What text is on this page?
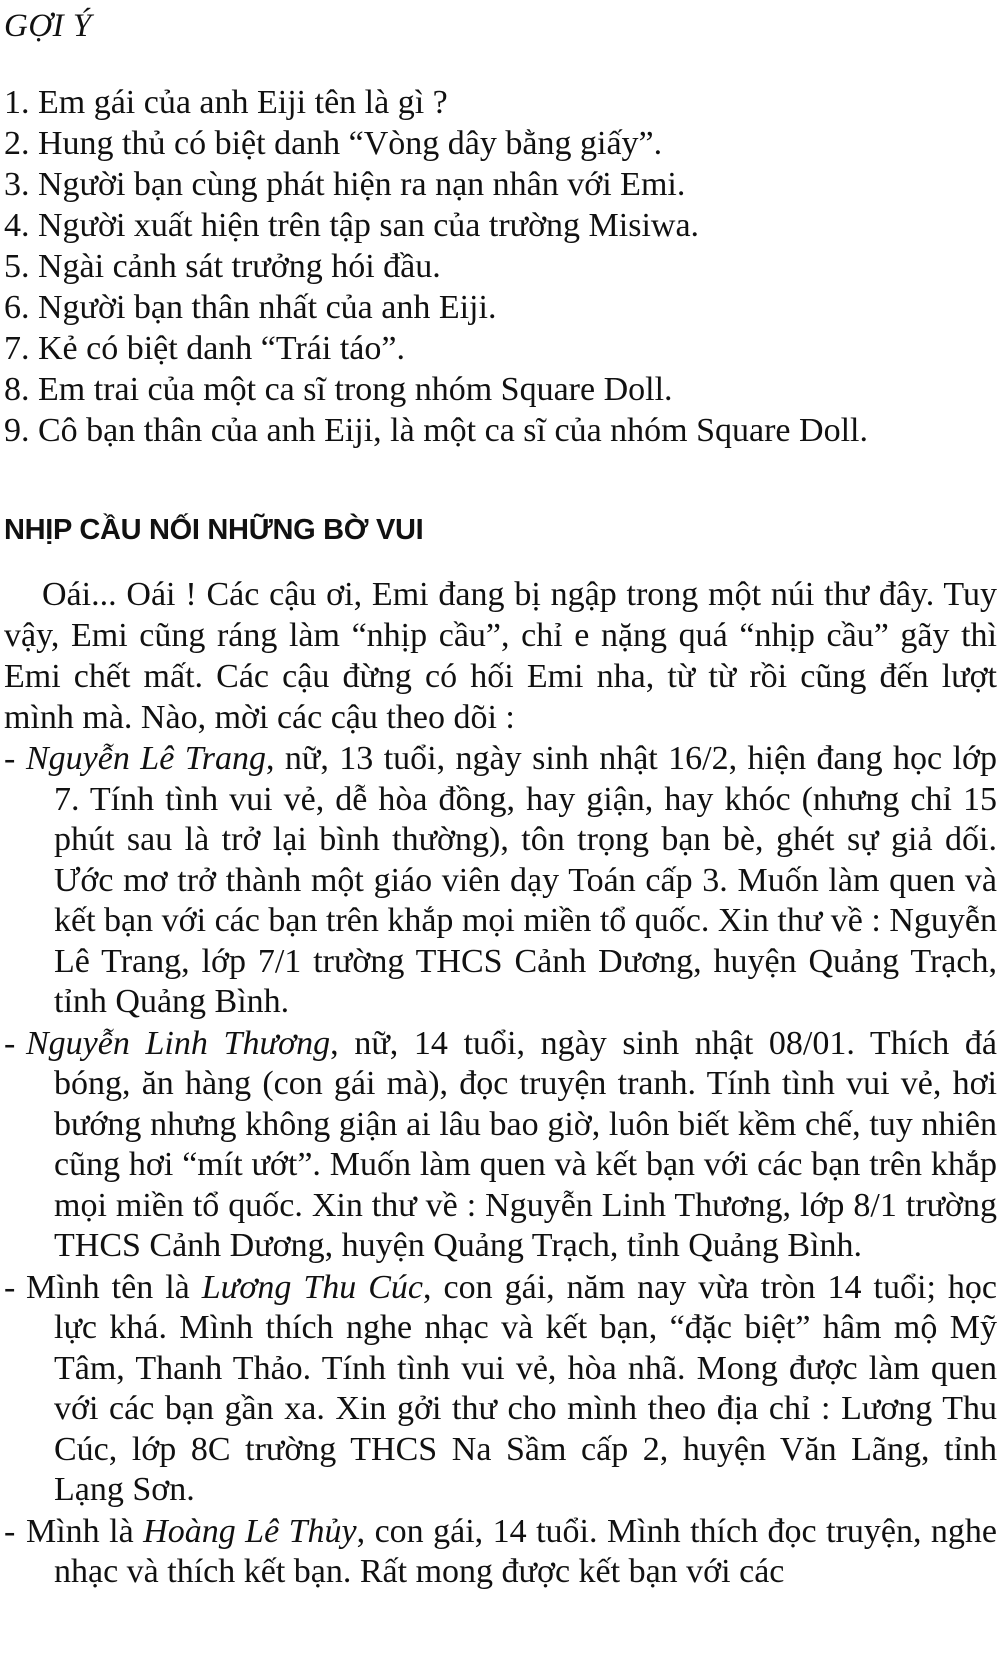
GỢI Ý
1. Em gái của anh Eiji tên là gì ?
2. Hung thủ có biệt danh “Vòng dây bằng giấy”.
3. Người bạn cùng phát hiện ra nạn nhân với Emi.
4. Người xuất hiện trên tập san của trường Misiwa.
5. Ngài cảnh sát trưởng hói đầu.
6. Người bạn thân nhất của anh Eiji.
7. Kẻ có biệt danh “Trái táo”.
8. Em trai của một ca sĩ trong nhóm Square Doll.
9. Cô bạn thân của anh Eiji, là một ca sĩ của nhóm Square Doll.
NHỊP CẦU NỐI NHỮNG BỜ VUI

Oái... Oái ! Các cậu ơi, Emi đang bị ngập trong một núi thư đây. Tuy vậy, Emi cũng ráng làm “nhịp cầu”, chỉ e nặng quá “nhịp cầu” gãy thì Emi chết mất. Các cậu đừng có hối Emi nha, từ từ rồi cũng đến lượt mình mà. Nào, mời các cậu theo dõi :

- Nguyễn Lê Trang, nữ, 13 tuổi, ngày sinh nhật 16/2, hiện đang học lớp 7. Tính tình vui vẻ, dễ hòa đồng, hay giận, hay khóc (nhưng chỉ 15 phút sau là trở lại bình thường), tôn trọng bạn bè, ghét sự giả dối. Ước mơ trở thành một giáo viên dạy Toán cấp 3. Muốn làm quen và kết bạn với các bạn trên khắp mọi miền tổ quốc. Xin thư về : Nguyễn Lê Trang, lớp 7/1 trường THCS Cảnh Dương, huyện Quảng Trạch, tỉnh Quảng Bình.

- Nguyễn Linh Thương, nữ, 14 tuổi, ngày sinh nhật 08/01. Thích đá bóng, ăn hàng (con gái mà), đọc truyện tranh. Tính tình vui vẻ, hơi bướng nhưng không giận ai lâu bao giờ, luôn biết kềm chế, tuy nhiên cũng hơi “mít ướt”. Muốn làm quen và kết bạn với các bạn trên khắp mọi miền tổ quốc. Xin thư về : Nguyễn Linh Thương, lớp 8/1 trường THCS Cảnh Dương, huyện Quảng Trạch, tỉnh Quảng Bình.

- Mình tên là Lương Thu Cúc, con gái, năm nay vừa tròn 14 tuổi; học lực khá. Mình thích nghe nhạc và kết bạn, “đặc biệt” hâm mộ Mỹ Tâm, Thanh Thảo. Tính tình vui vẻ, hòa nhã. Mong được làm quen với các bạn gần xa. Xin gởi thư cho mình theo địa chỉ : Lương Thu Cúc, lớp 8C trường THCS Na Sầm cấp 2, huyện Văn Lãng, tỉnh Lạng Sơn.

- Mình là Hoàng Lê Thủy, con gái, 14 tuổi. Mình thích đọc truyện, nghe nhạc và thích kết bạn. Rất mong được kết bạn với các
